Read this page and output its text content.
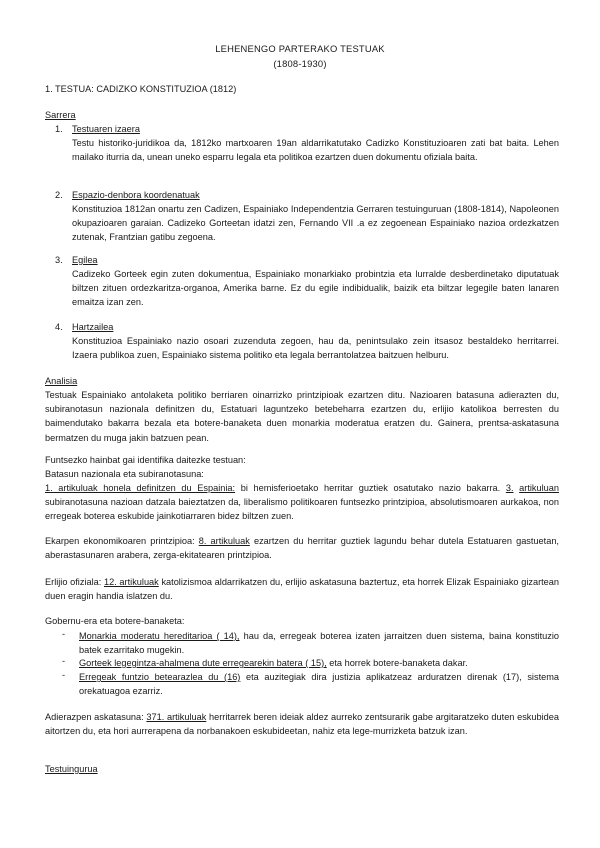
LEHENENGO PARTERAKO TESTUAK
(1808-1930)
1. TESTUA: CADIZKO KONSTITUZIOA (1812)
Sarrera
1. Testuaren izaera
Testu historiko-juridikoa da, 1812ko martxoaren 19an aldarrikatutako Cadizko Konstituzioaren zati bat baita. Lehen mailako iturria da, unean uneko esparru legala eta politikoa ezartzen duen dokumentu ofiziala baita.
2. Espazio-denbora koordenatuak
Konstituzioa 1812an onartu zen Cadizen, Espainiako Independentzia Gerraren testuinguruan (1808-1814), Napoleonen okupazioaren garaian. Cadizeko Gorteetan idatzi zen, Fernando VII .a ez zegoenean Espainiako nazioa ordezkatzen zutenak, Frantzian gatibu zegoena.
3. Egilea
Cadizeko Gorteek egin zuten dokumentua, Espainiako monarkiako probintzia eta lurralde desberdinetako diputatuak biltzen zituen ordezkaritza-organoa, Amerika barne. Ez du egile indibidualik, baizik eta biltzar legegile baten lanaren emaitza izan zen.
4. Hartzailea
Konstituzioa Espainiako nazio osoari zuzenduta zegoen, hau da, penintsulako zein itsasoz bestaldeko herritarrei. Izaera publikoa zuen, Espainiako sistema politiko eta legala berrantolatzea baitzuen helburu.
Analisia
Testuak Espainiako antolaketa politiko berriaren oinarrizko printzipioak ezartzen ditu. Nazioaren batasuna adierazten du, subiranotasun nazionala definitzen du, Estatuari laguntzeko betebeharra ezartzen du, erlijio katolikoa berresten du baimendutako bakarra bezala eta botere-banaketa duen monarkia moderatua eratzen du. Gainera, prentsa-askatasuna bermatzen du muga jakin batzuen pean.
Funtsezko hainbat gai identifika daitezke testuan:
Batasun nazionala eta subiranotasuna:
1. artikuluak honela definitzen du Espainia: bi hemisferioetako herritar guztiek osatutako nazio bakarra. 3. artikuluan subiranotasuna nazioan datzala baieztatzen da, liberalismo politikoaren funtsezko printzipioa, absolutismoaren aurkakoa, non erregeak boterea eskubide jainkotiarraren bidez biltzen zuen.
Ekarpen ekonomikoaren printzipioa: 8. artikuluak ezartzen du herritar guztiek lagundu behar dutela Estatuaren gastuetan, aberastasunaren arabera, zerga-ekitatearen printzipioa.
Erlijio ofiziala: 12. artikuluak katolizismoa aldarrikatzen du, erlijio askatasuna baztertuz, eta horrek Elizak Espainiako gizartean duen eragin handia islatzen du.
Gobernu-era eta botere-banaketa:
- Monarkia moderatu hereditarioa ( 14), hau da, erregeak boterea izaten jarraitzen duen sistema, baina konstituzio batek ezarritako mugekin.
- Gorteek legegintza-ahalmena dute erregearekin batera ( 15), eta horrek botere-banaketa dakar.
- Erregeak funtzio betearazlea du (16) eta auzitegiak dira justizia aplikatzeaz arduratzen direnak (17), sistema orekatuagoa ezarriz.
Adierazpen askatasuna: 371. artikuluak herritarrek beren ideiak aldez aurreko zentsurarik gabe argitaratzeko duten eskubidea aitortzen du, eta hori aurrerapena da norbanakoen eskubideetan, nahiz eta lege-murrizketa batzuk izan.
Testuingurua
